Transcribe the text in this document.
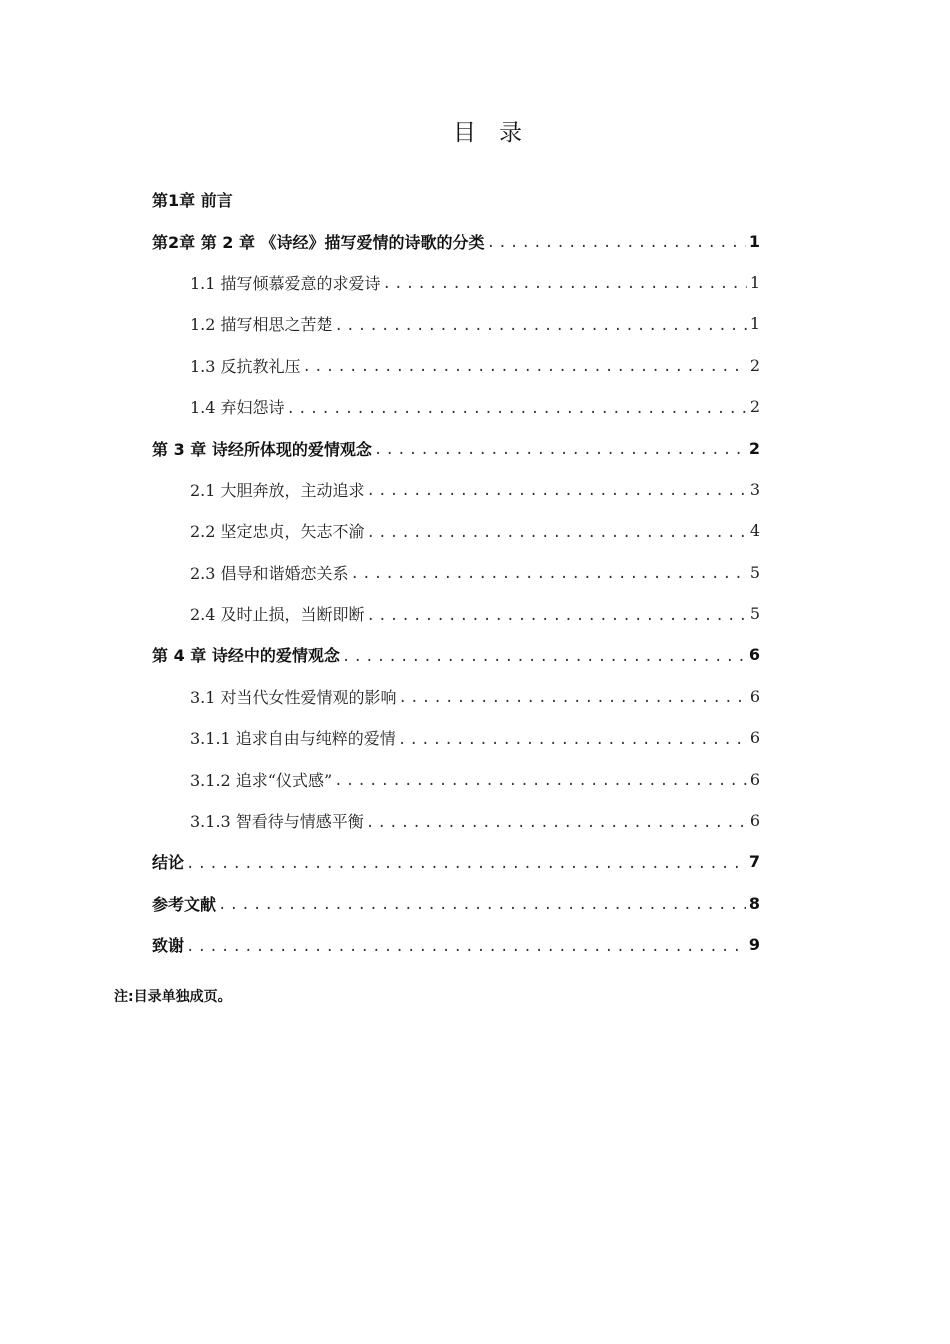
目　录
第1章 前言
第2章 第 2 章 《诗经》描写爱情的诗歌的分类 .....	1
1.1 描写倾慕爱意的求爱诗 .....	1
1.2 描写相思之苦楚 .....	1
1.3 反抗教礼压 .....	2
1.4 弃妇怨诗 .....	2
第 3 章 诗经所体现的爱情观念 .....	2
2.1 大胆奔放，主动追求 .....	3
2.2 坚定忠贞，矢志不渝 .....	4
2.3 倡导和谐婚恋关系 .....	5
2.4 及时止损，当断即断 .....	5
第 4 章 诗经中的爱情观念 .....	6
3.1 对当代女性爱情观的影响 .....	6
3.1.1 追求自由与纯粹的爱情 .....	6
3.1.2 追求“仪式感” .....	6
3.1.3 智看待与情感平衡 .....	6
结论 .....	7
参考文献 .....	8
致谢 .....	9
注:目录单独成页。
